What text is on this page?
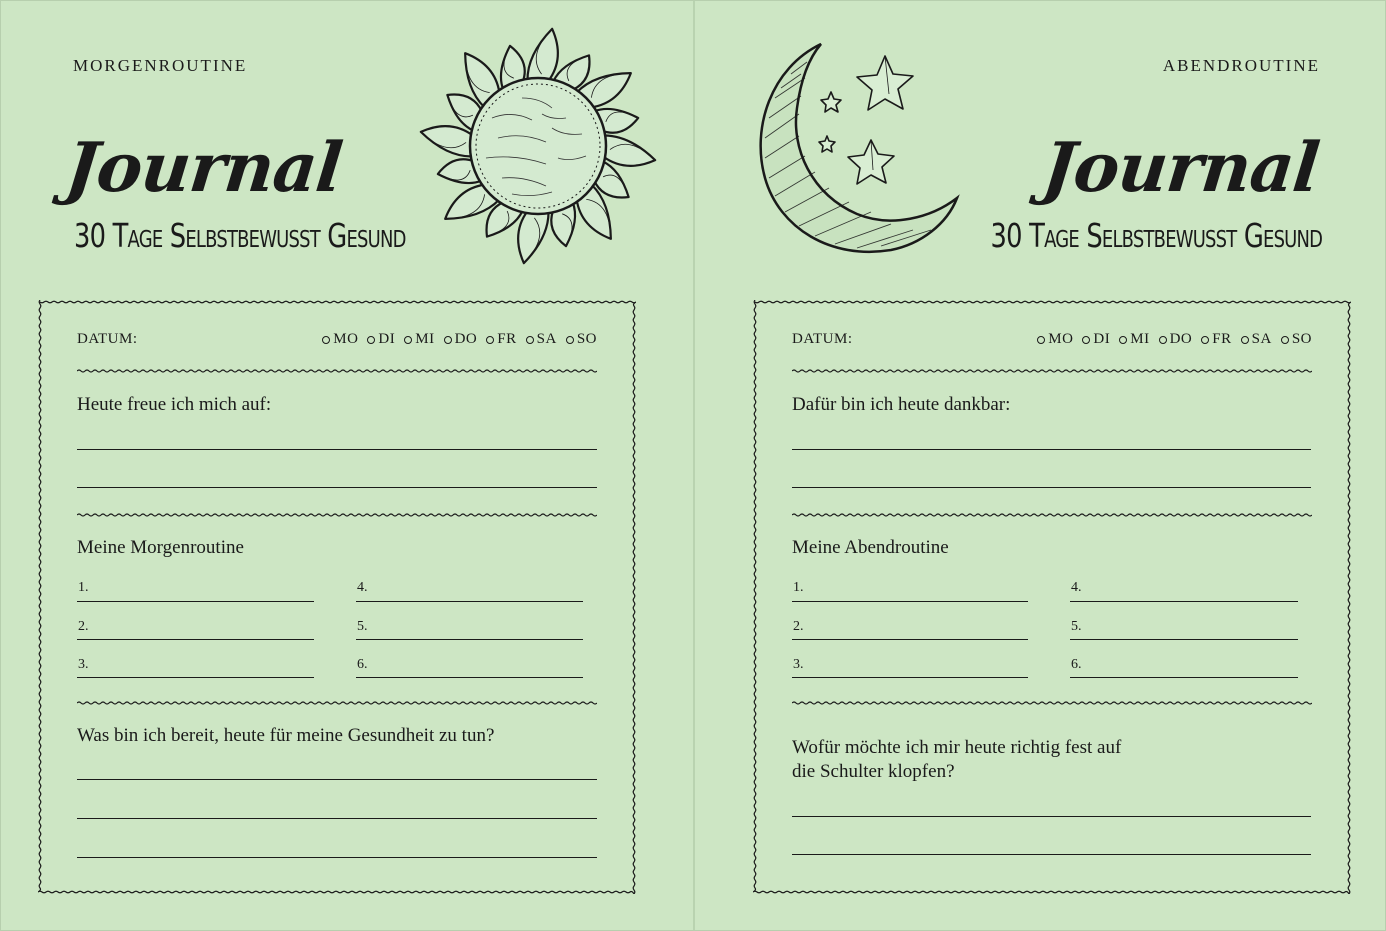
MORGENROUTINE
Journal
30 Tage Selbstbewusst Gesund
DATUM:	MO DI MI DO FR SA SO
Heute freue ich mich auf:
Meine Morgenroutine
1.
2.
3.
4.
5.
6.
Was bin ich bereit, heute für meine Gesundheit zu tun?
ABENDROUTINE
Journal
30 Tage Selbstbewusst Gesund
DATUM:	MO DI MI DO FR SA SO
Dafür bin ich heute dankbar:
Meine Abendroutine
1.
2.
3.
4.
5.
6.
Wofür möchte ich mir heute richtig fest auf
die Schulter klopfen?
